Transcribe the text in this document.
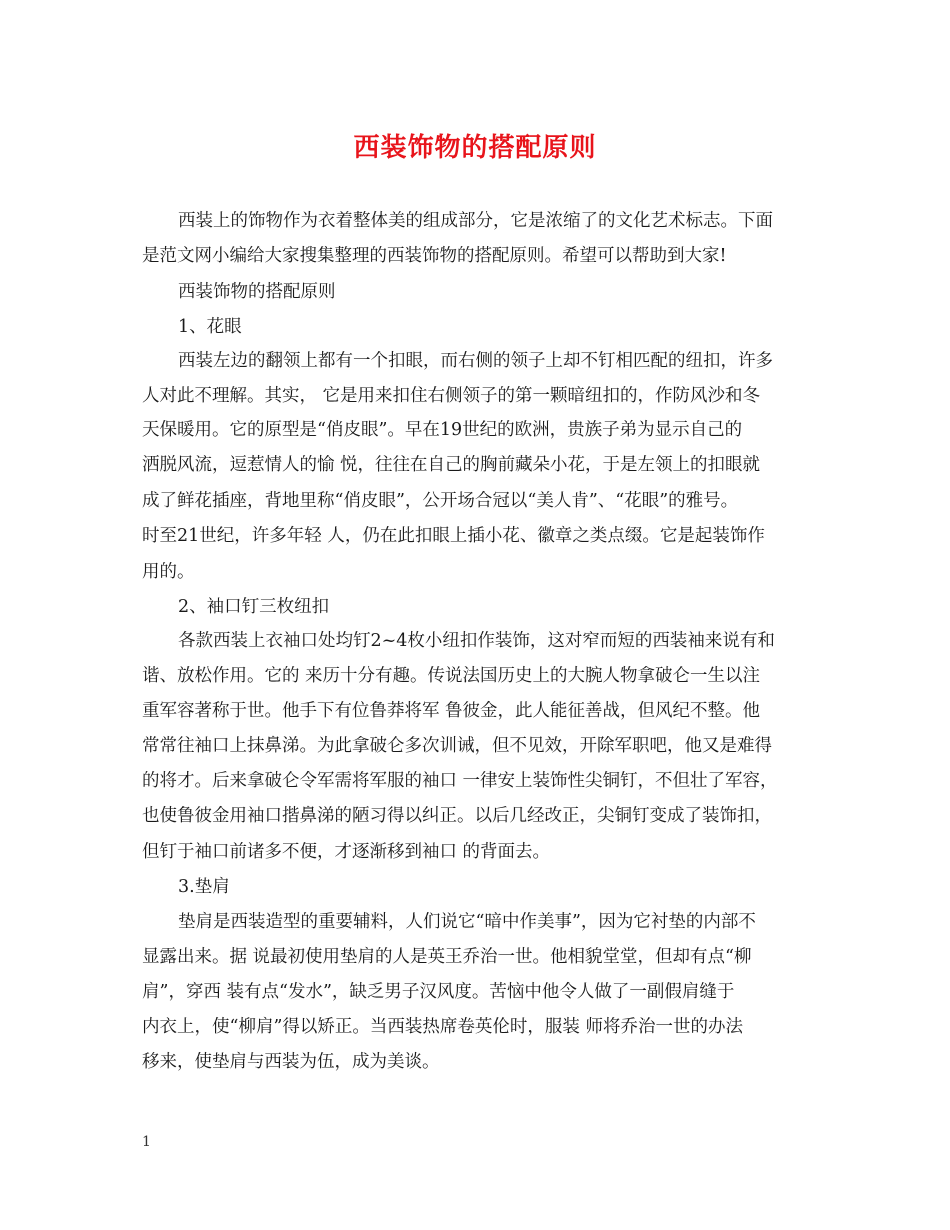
西装饰物的搭配原则
西装上的饰物作为衣着整体美的组成部分，它是浓缩了的文化艺术标志。下面
是范文网小编给大家搜集整理的西装饰物的搭配原则。希望可以帮助到大家!
西装饰物的搭配原则
1、花眼
西装左边的翻领上都有一个扣眼，而右侧的领子上却不钉相匹配的纽扣，许多
人对此不理解。其实， 它是用来扣住右侧领子的第一颗暗纽扣的，作防风沙和冬
天保暖用。它的原型是“俏皮眼”。早在19世纪的欧洲，贵族子弟为显示自己的
洒脱风流，逗惹情人的愉 悦，往往在自己的胸前藏朵小花，于是左领上的扣眼就
成了鲜花插座，背地里称“俏皮眼”，公开场合冠以“美人肯”、“花眼”的雅号。
时至21世纪，许多年轻 人，仍在此扣眼上插小花、徽章之类点缀。它是起装饰作
用的。
2、袖口钉三枚纽扣
各款西装上衣袖口处均钉2~4枚小纽扣作装饰，这对窄而短的西装袖来说有和
谐、放松作用。它的 来历十分有趣。传说法国历史上的大腕人物拿破仑一生以注
重军容著称于世。他手下有位鲁莽将军 鲁彼金，此人能征善战，但风纪不整。他
常常往袖口上抹鼻涕。为此拿破仑多次训诫，但不见效，开除军职吧，他又是难得
的将才。后来拿破仑令军需将军服的袖口 一律安上装饰性尖铜钉，不但壮了军容，
也使鲁彼金用袖口揩鼻涕的陋习得以纠正。以后几经改正，尖铜钉变成了装饰扣，
但钉于袖口前诸多不便，才逐渐移到袖口 的背面去。
3.垫肩
垫肩是西装造型的重要辅料，人们说它“暗中作美事”，因为它衬垫的内部不
显露出来。据 说最初使用垫肩的人是英王乔治一世。他相貌堂堂，但却有点“柳
肩”，穿西 装有点“发水”，缺乏男子汉风度。苦恼中他令人做了一副假肩缝于
内衣上，使“柳肩”得以矫正。当西装热席卷英伦时，服装 师将乔治一世的办法
移来，使垫肩与西装为伍，成为美谈。
1
